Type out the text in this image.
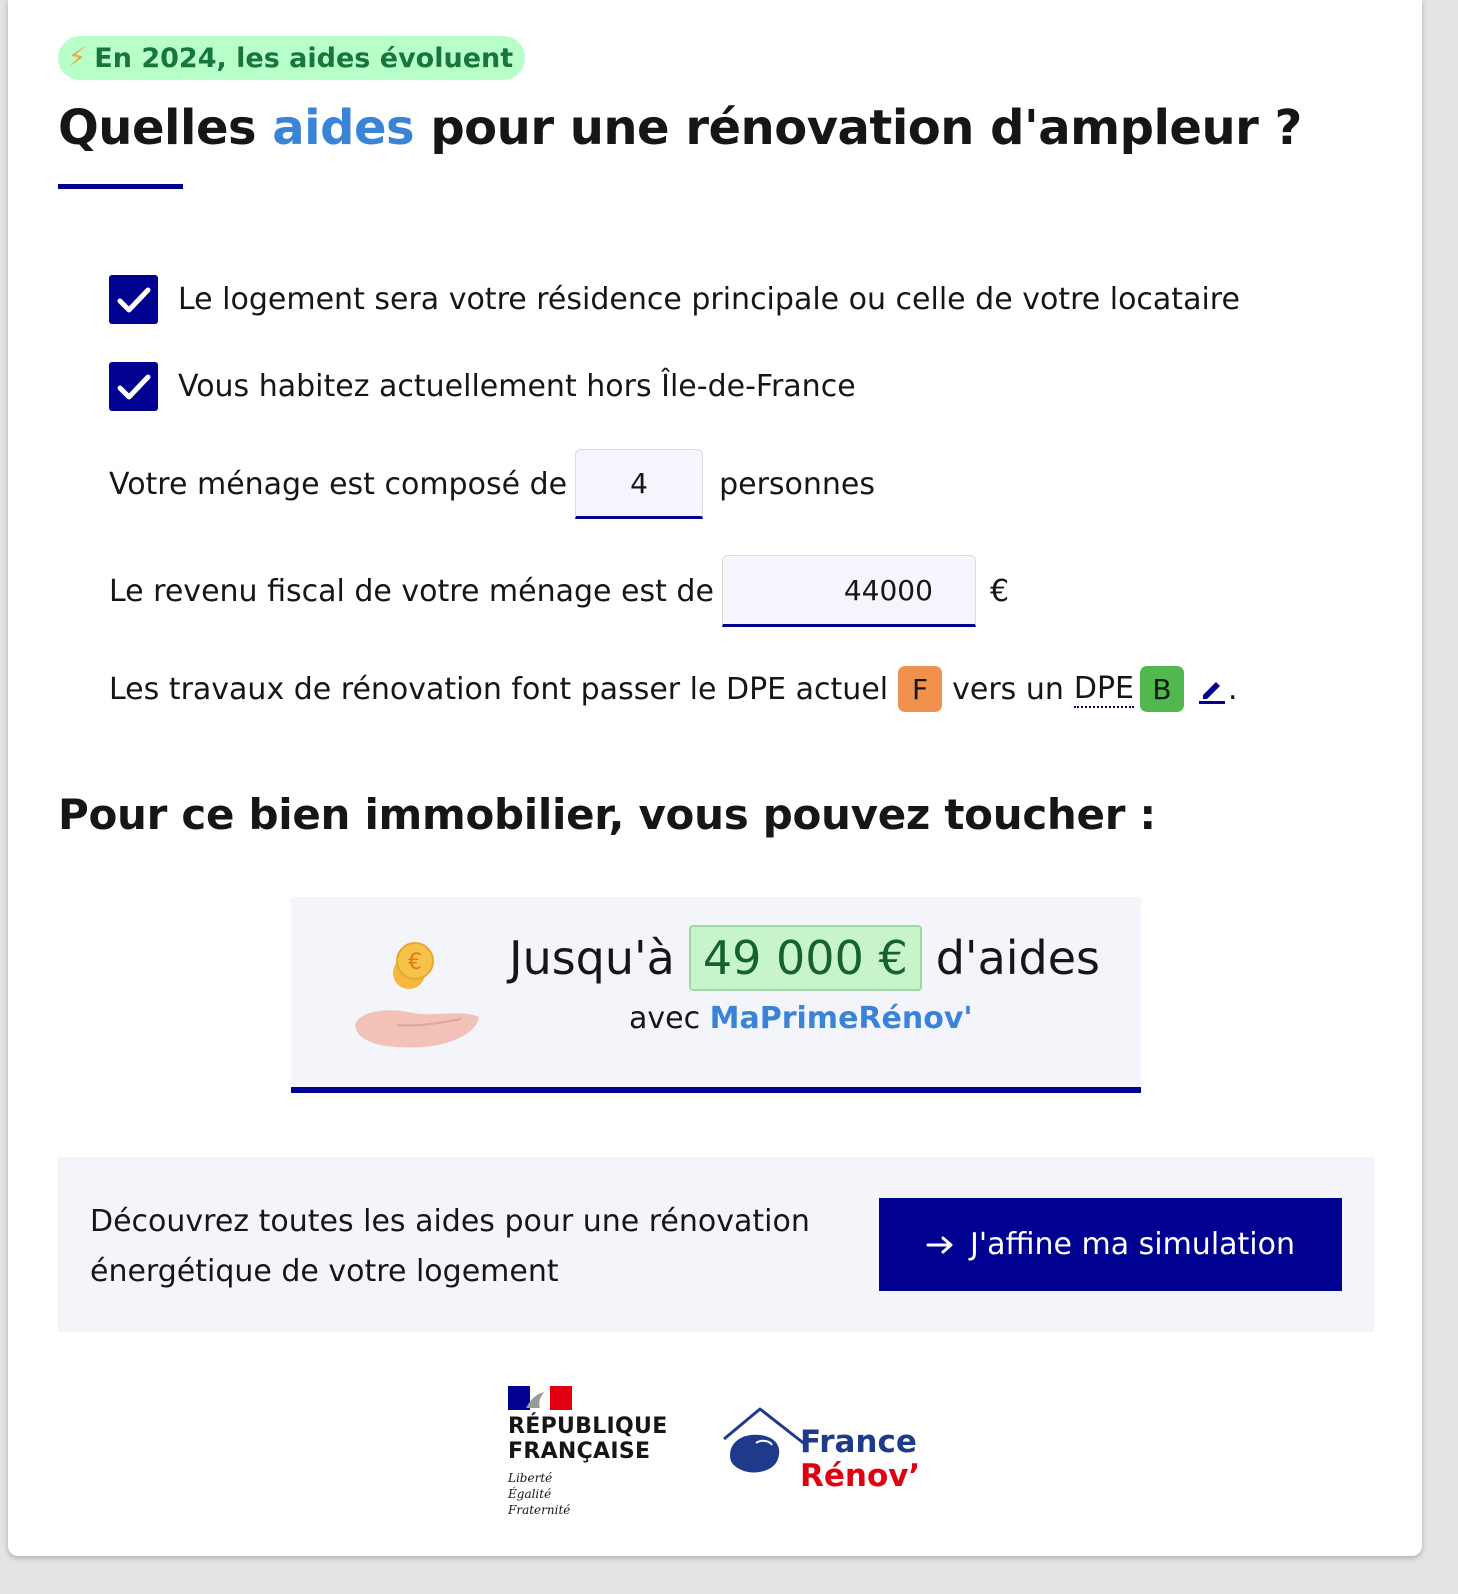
⚡ En 2024, les aides évoluent
Quelles aides pour une rénovation d'ampleur ?
Le logement sera votre résidence principale ou celle de votre locataire
Vous habitez actuellement hors Île-de-France
Votre ménage est composé de
4	personnes
Le revenu fiscal de votre ménage est de
44000	€
Les travaux de rénovation font passer le DPE actuel F vers un DPE B	.
Pour ce bien immobilier, vous pouvez toucher :
€ Jusqu'à 49 000 € d'aides
avec MaPrimeRénov'
Découvrez toutes les aides pour une rénovation
énergétique de votre logement
J'affine ma simulation
RÉPUBLIQUE
FRANÇAISE
Liberté
Égalité
Fraternité
France
Rénov’
